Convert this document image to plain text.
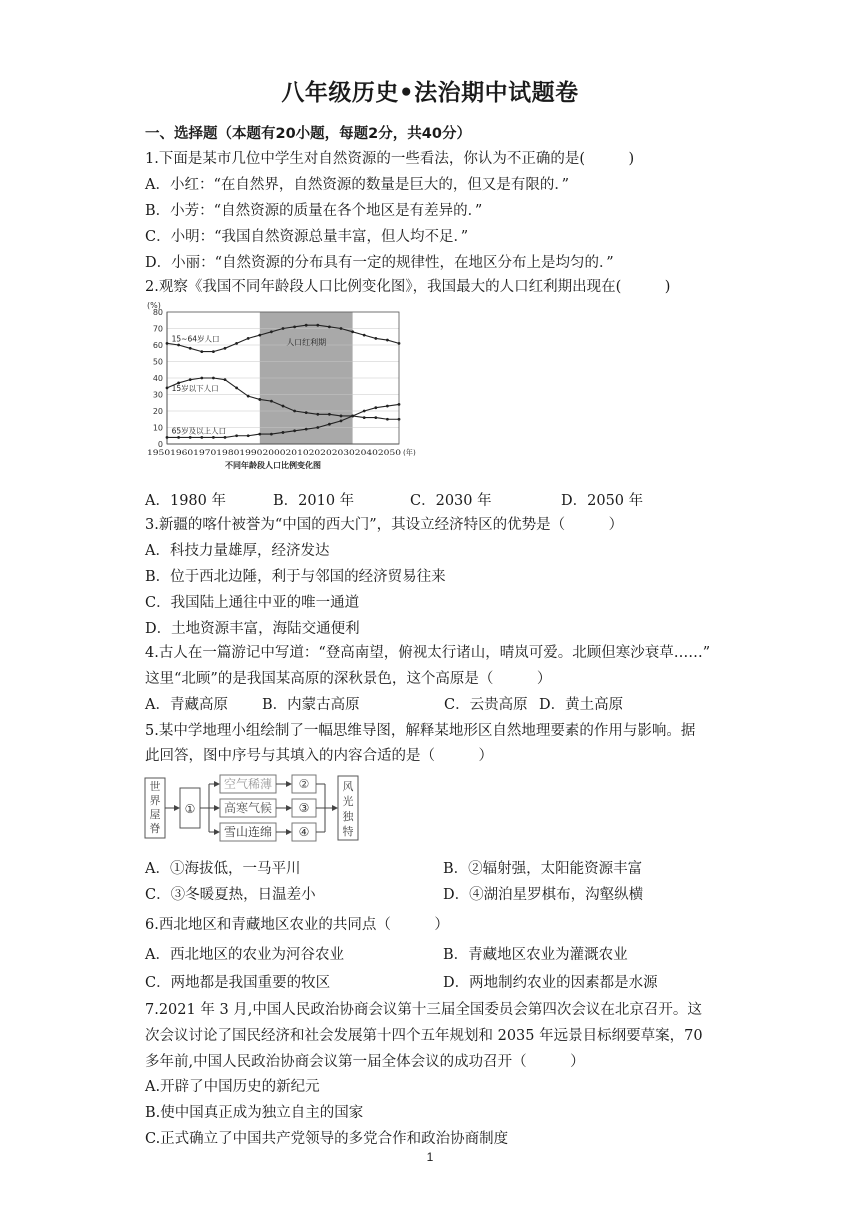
八年级历史•法治期中试题卷
一、选择题（本题有20小题，每题2分，共40分）
1.下面是某市几位中学生对自然资源的一些看法，你认为不正确的是(　　　)
A．小红：“在自然界，自然资源的数量是巨大的，但又是有限的．”
B．小芳：“自然资源的质量在各个地区是有差异的．”
C．小明：“我国自然资源总量丰富，但人均不足．”
D．小丽：“自然资源的分布具有一定的规律性，在地区分布上是均匀的．”
2.观察《我国不同年龄段人口比例变化图》，我国最大的人口红利期出现在(　　　)
0
10
20
30
40
50
60
70
80
(%)
19501960197019801990200020102020203020402050 (年)
不同年龄段人口比例变化图
人口红利期
15~64岁人口
15岁以下人口
65岁及以上人口
A．1980 年	B．2010 年	C．2030 年	D．2050 年
3.新疆的喀什被誉为“中国的西大门”，其设立经济特区的优势是（　　　）
A．科技力量雄厚，经济发达
B．位于西北边陲，利于与邻国的经济贸易往来
C．我国陆上通往中亚的唯一通道
D．土地资源丰富，海陆交通便利
4.古人在一篇游记中写道：“登高南望，俯视太行诸山，晴岚可爱。北顾但寒沙衰草……”
这里“北顾”的是我国某高原的深秋景色，这个高原是（　　　）
A．青藏高原 B．内蒙古高原	C．云贵高原 D．黄土高原
5.某中学地理小组绘制了一幅思维导图，解释某地形区自然地理要素的作用与影响。据
此回答，图中序号与其填入的内容合适的是（　　　）
世
界
屋
脊
①
空气稀薄
高寒气候
雪山连绵
②
③
④
风
光
独
特
A．①海拔低，一马平川	B．②辐射强，太阳能资源丰富
C．③冬暖夏热，日温差小	D．④湖泊星罗棋布，沟壑纵横
6.西北地区和青藏地区农业的共同点（　　　）
A．西北地区的农业为河谷农业	B．青藏地区农业为灌溉农业
C．两地都是我国重要的牧区	D．两地制约农业的因素都是水源
7.2021 年 3 月,中国人民政治协商会议第十三届全国委员会第四次会议在北京召开。这
次会议讨论了国民经济和社会发展第十四个五年规划和 2035 年远景目标纲要草案，70
多年前,中国人民政治协商会议第一届全体会议的成功召开（　　　）
A.开辟了中国历史的新纪元
B.使中国真正成为独立自主的国家
C.正式确立了中国共产党领导的多党合作和政治协商制度
1
